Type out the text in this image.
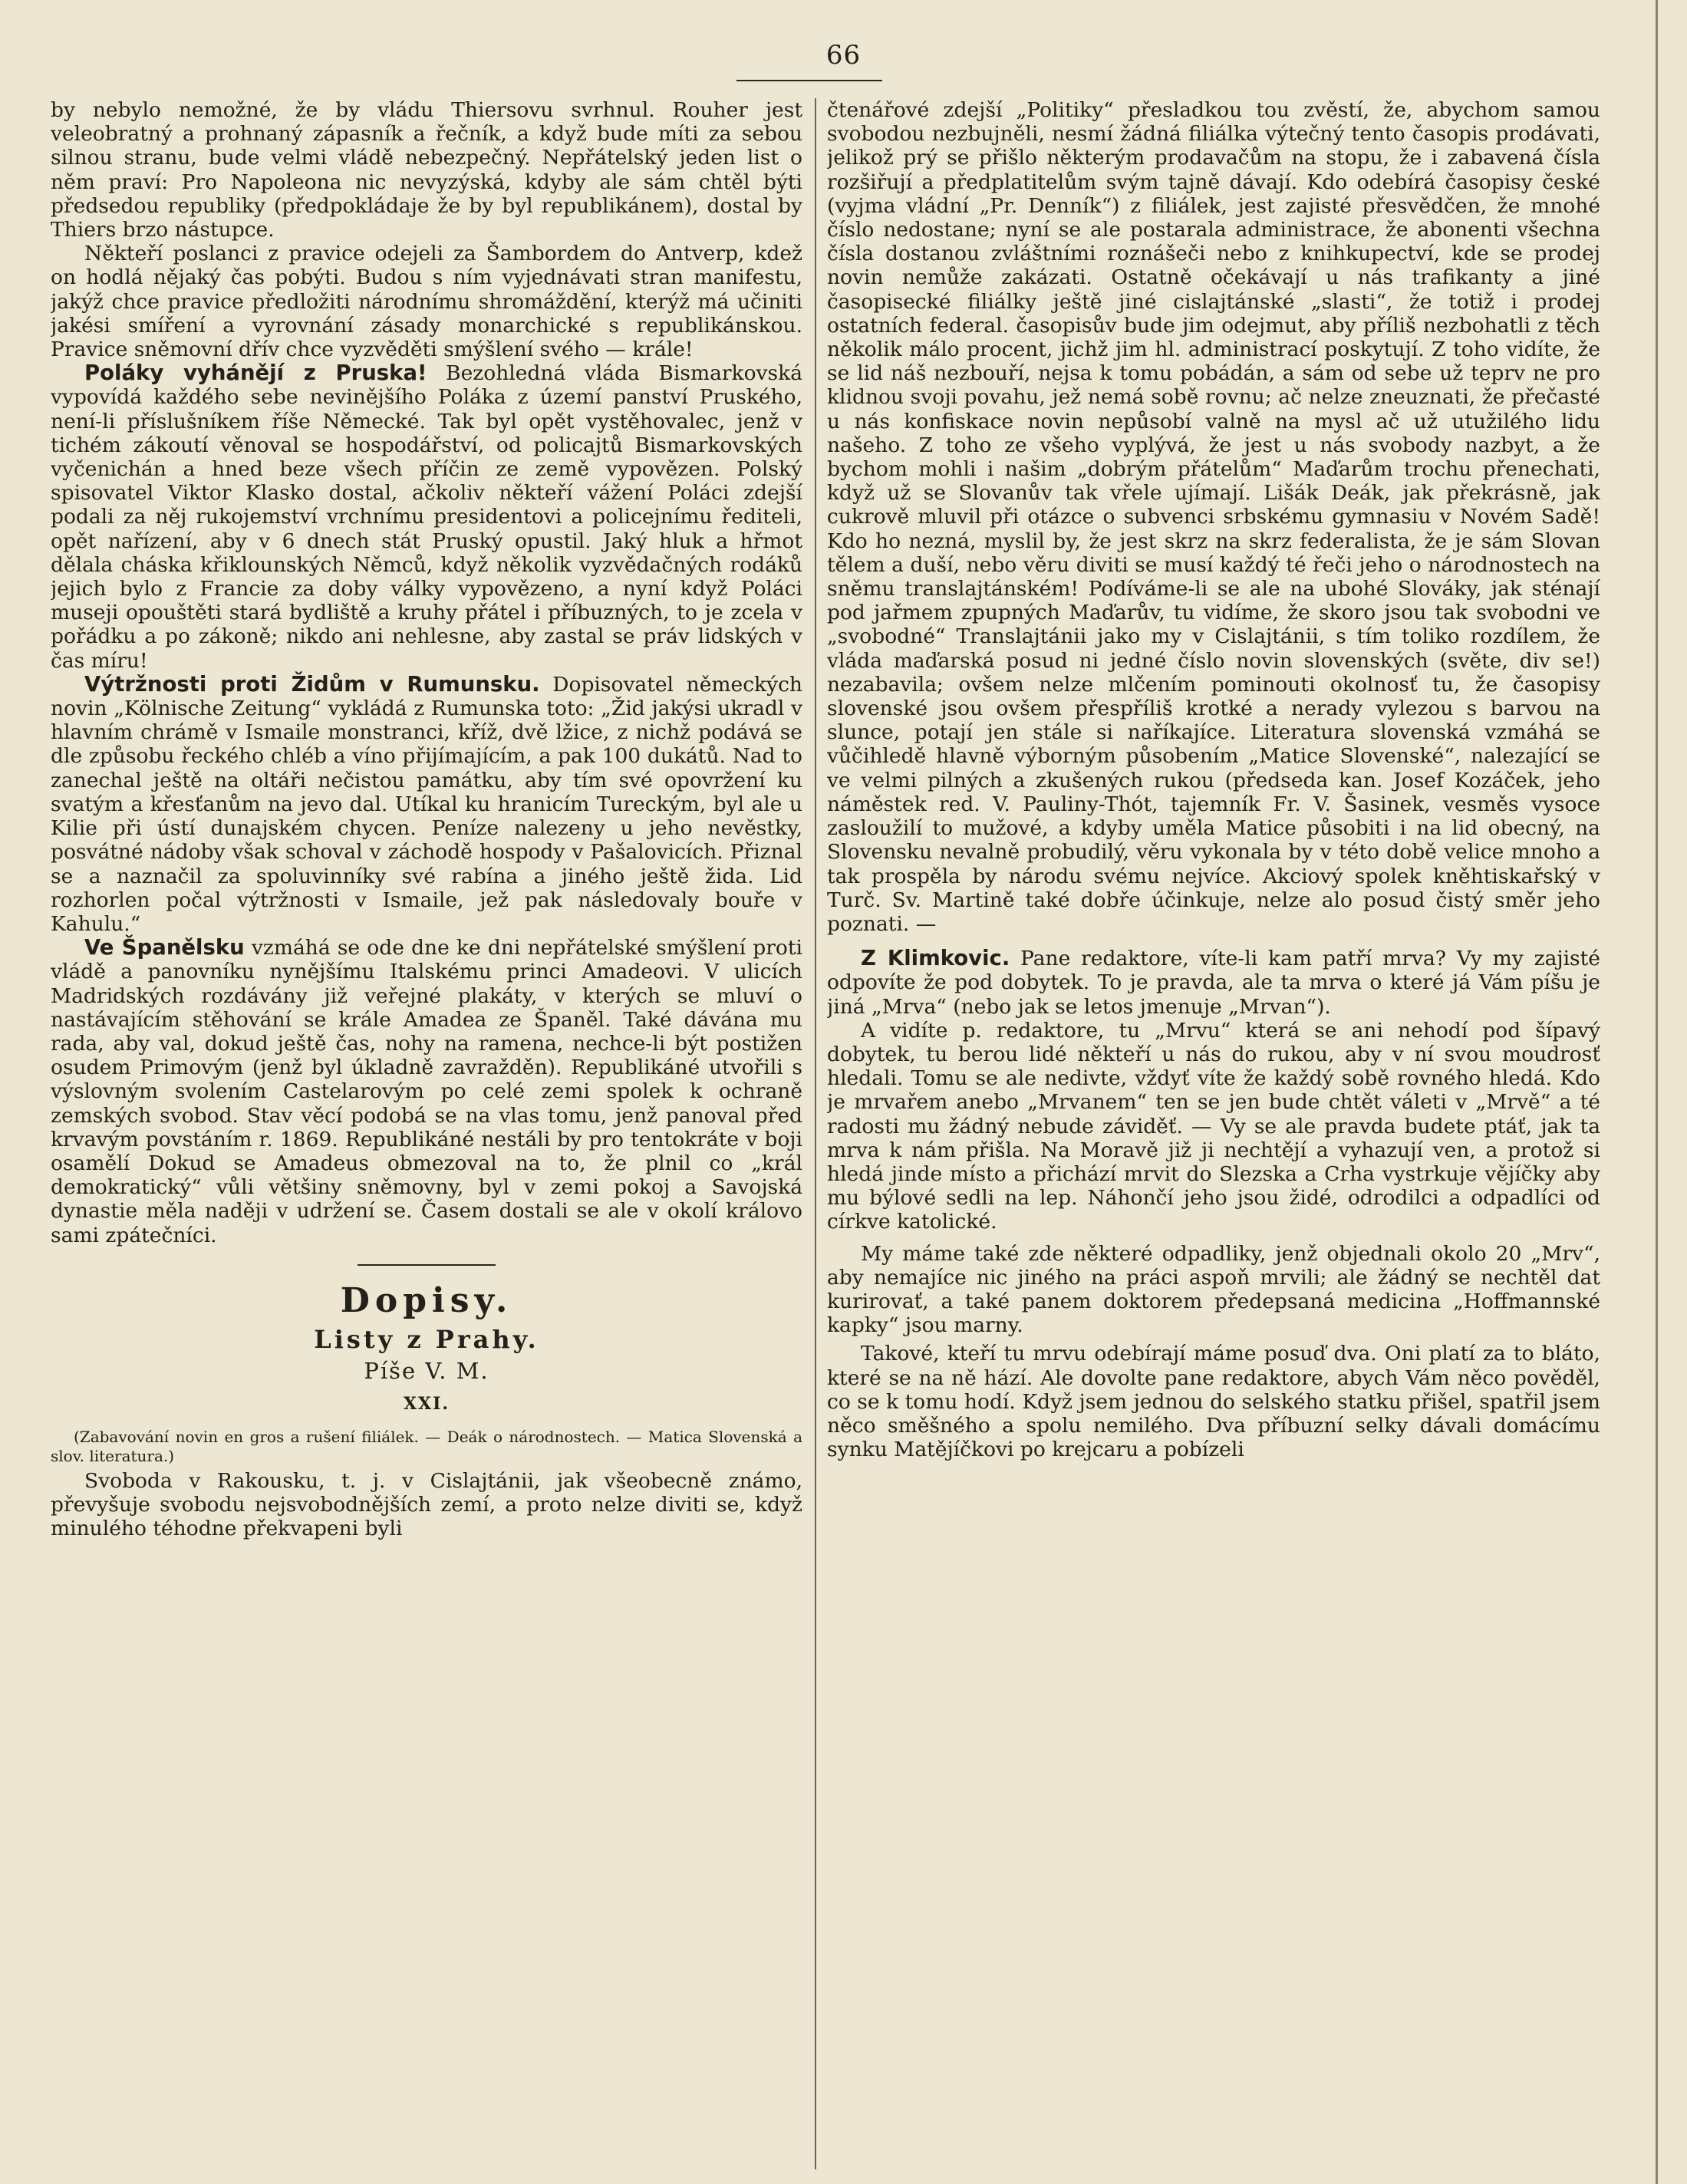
66

by nebylo nemožné, že by vládu Thiersovu svrhnul. Rouher jest veleobratný a prohnaný zápasník a řečník, a když bude míti za sebou silnou stranu, bude velmi vládě nebezpečný. Nepřátelský jeden list o něm praví: Pro Napoleona nic nevyzýská, kdyby ale sám chtěl býti předsedou republiky (předpokládaje že by byl republikánem), dostal by Thiers brzo nástupce.

Někteří poslanci z pravice odejeli za Šambordem do Antverp, kdež on hodlá nějaký čas pobýti. Budou s ním vyjednávati stran manifestu, jakýž chce pravice předložiti národnímu shromáždění, kterýž má učiniti jakési smíření a vyrovnání zásady monarchické s republikánskou. Pravice sněmovní dřív chce vyzvěděti smýšlení svého — krále!

Poláky vyhánějí z Pruska! Bezohledná vláda Bismarkovská vypovídá každého sebe nevinějšího Poláka z území panství Pruského, není-li příslušníkem říše Německé. Tak byl opět vystěhovalec, jenž v tichém zákoutí věnoval se hospodářství, od policajtů Bismarkovských vyčenichán a hned beze všech příčin ze země vypovězen. Polský spisovatel Viktor Klasko dostal, ačkoliv někteří vážení Poláci zdejší podali za něj rukojemství vrchnímu presidentovi a policejnímu řediteli, opět nařízení, aby v 6 dnech stát Pruský opustil. Jaký hluk a hřmot dělala cháska křiklounských Němců, když několik vyzvědačných rodáků jejich bylo z Francie za doby války vypovězeno, a nyní když Poláci museji opouštěti stará bydliště a kruhy přátel i příbuzných, to je zcela v pořádku a po zákoně; nikdo ani nehlesne, aby zastal se práv lidských v čas míru!

Výtržnosti proti Židům v Rumunsku. Dopisovatel německých novin „Kölnische Zeitung“ vykládá z Rumunska toto: „Žid jakýsi ukradl v hlavním chrámě v Ismaile monstranci, kříž, dvě lžice, z nichž podává se dle způsobu řeckého chléb a víno přijímajícím, a pak 100 dukátů. Nad to zanechal ještě na oltáři nečistou památku, aby tím své opovržení ku svatým a křesťanům na jevo dal. Utíkal ku hranicím Tureckým, byl ale u Kilie při ústí dunajském chycen. Peníze nalezeny u jeho nevěstky, posvátné nádoby však schoval v záchodě hospody v Pašalovicích. Přiznal se a naznačil za spoluvinníky své rabína a jiného ještě žida. Lid rozhorlen počal výtržnosti v Ismaile, jež pak následovaly bouře v Kahulu.“

Ve Španělsku vzmáhá se ode dne ke dni nepřátelské smýšlení proti vládě a panovníku nynějšímu Italskému princi Amadeovi. V ulicích Madridských rozdávány již veřejné plakáty, v kterých se mluví o nastávajícím stěhování se krále Amadea ze Španěl. Také dávána mu rada, aby val, dokud ještě čas, nohy na ramena, nechce-li být postižen osudem Primovým (jenž byl úkladně zavražděn). Republikáné utvořili s výslovným svolením Castelarovým po celé zemi spolek k ochraně zemských svobod. Stav věcí podobá se na vlas tomu, jenž panoval před krvavým povstáním r. 1869. Republikáné nestáli by pro tentokráte v boji osamělí Dokud se Amadeus obmezoval na to, že plnil co „král demokratický“ vůli většiny sněmovny, byl v zemi pokoj a Savojská dynastie měla naději v udržení se. Časem dostali se ale v okolí královo sami zpátečníci.

Dopisy.
Listy z Prahy.
Píše V. M.
XXI.

(Zabavování novin en gros a rušení filiálek. — Deák o národnostech. — Matica Slovenská a slov. literatura.)

Svoboda v Rakousku, t. j. v Cislajtánii, jak všeobecně známo, převyšuje svobodu nejsvobodnějších zemí, a proto nelze diviti se, když minulého téhodne překvapeni byli

čtenářové zdejší „Politiky“ přesladkou tou zvěstí, že, abychom samou svobodou nezbujněli, nesmí žádná filiálka výtečný tento časopis prodávati, jelikož prý se přišlo některým prodavačům na stopu, že i zabavená čísla rozšiřují a předplatitelům svým tajně dávají. Kdo odebírá časopisy české (vyjma vládní „Pr. Denník“) z filiálek, jest zajisté přesvědčen, že mnohé číslo nedostane; nyní se ale postarala administrace, že abonenti všechna čísla dostanou zvláštními roznášeči nebo z knihkupectví, kde se prodej novin nemůže zakázati. Ostatně očekávají u nás trafikanty a jiné časopisecké filiálky ještě jiné cislajtánské „slasti“, že totiž i prodej ostatních federal. časopisův bude jim odejmut, aby příliš nezbohatli z těch několik málo procent, jichž jim hl. administrací poskytují. Z toho vidíte, že se lid náš nezbouří, nejsa k tomu pobádán, a sám od sebe už teprv ne pro klidnou svoji povahu, jež nemá sobě rovnu; ač nelze zneuznati, že přečasté u nás konfiskace novin nepůsobí valně na mysl ač už utužilého lidu našeho. Z toho ze všeho vyplývá, že jest u nás svobody nazbyt, a že bychom mohli i našim „dobrým přátelům“ Maďarům trochu přenechati, když už se Slovanův tak vřele ujímají. Lišák Deák, jak překrásně, jak cukrově mluvil při otázce o subvenci srbskému gymnasiu v Novém Sadě! Kdo ho nezná, myslil by, že jest skrz na skrz federalista, že je sám Slovan tělem a duší, nebo věru diviti se musí každý té řeči jeho o národnostech na sněmu translajtánském! Podíváme-li se ale na ubohé Slováky, jak sténají pod jařmem zpupných Maďarův, tu vidíme, že skoro jsou tak svobodni ve „svobodné“ Translajtánii jako my v Cislajtánii, s tím toliko rozdílem, že vláda maďarská posud ni jedné číslo novin slovenských (světe, div se!) nezabavila; ovšem nelze mlčením pominouti okolnosť tu, že časopisy slovenské jsou ovšem přespříliš krotké a nerady vylezou s barvou na slunce, potají jen stále si naříkajíce. Literatura slovenská vzmáhá se vůčihledě hlavně výborným působením „Matice Slovenské“, nalezající se ve velmi pilných a zkušených rukou (předseda kan. Josef Kozáček, jeho náměstek red. V. Pauliny-Thót, tajemník Fr. V. Šasinek, vesměs vysoce zasloužilí to mužové, a kdyby uměla Matice působiti i na lid obecný, na Slovensku nevalně probudilý, věru vykonala by v této době velice mnoho a tak prospěla by národu svému nejvíce. Akciový spolek kněhtiskařský v Turč. Sv. Martině také dobře účinkuje, nelze alo posud čistý směr jeho poznati. —

Z Klimkovic. Pane redaktore, víte-li kam patří mrva? Vy my zajisté odpovíte že pod dobytek. To je pravda, ale ta mrva o které já Vám píšu je jiná „Mrva“ (nebo jak se letos jmenuje „Mrvan“).

A vidíte p. redaktore, tu „Mrvu“ která se ani nehodí pod šípavý dobytek, tu berou lidé někteří u nás do rukou, aby v ní svou moudrosť hledali. Tomu se ale nedivte, vždyť víte že každý sobě rovného hledá. Kdo je mrvařem anebo „Mrvanem“ ten se jen bude chtět váleti v „Mrvě“ a té radosti mu žádný nebude záviděť. — Vy se ale pravda budete ptáť, jak ta mrva k nám přišla. Na Moravě již ji nechtějí a vyhazují ven, a protož si hledá jinde místo a přichází mrvit do Slezska a Crha vystrkuje vějíčky aby mu býlové sedli na lep. Náhončí jeho jsou židé, odrodilci a odpadlíci od církve katolické.

My máme také zde některé odpadliky, jenž objednali okolo 20 „Mrv“, aby nemajíce nic jiného na práci aspoň mrvili; ale žádný se nechtěl dat kurirovať, a také panem doktorem předepsaná medicina „Hoffmannské kapky“ jsou marny.

Takové, kteří tu mrvu odebírají máme posuď dva. Oni platí za to bláto, které se na ně hází. Ale dovolte pane redaktore, abych Vám něco pověděl, co se k tomu hodí. Když jsem jednou do selského statku přišel, spatřil jsem něco směšného a spolu nemilého. Dva příbuzní selky dávali domácímu synku Matějíčkovi po krejcaru a pobízeli
